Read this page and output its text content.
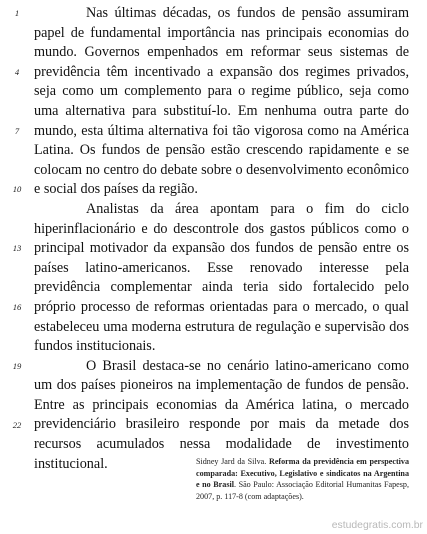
1
4
7
10
13
16
19
22

Nas últimas décadas, os fundos de pensão assumiram papel de fundamental importância nas principais economias do mundo. Governos empenhados em reformar seus sistemas de previdência têm incentivado a expansão dos regimes privados, seja como um complemento para o regime público, seja como uma alternativa para substituí-lo. Em nenhuma outra parte do mundo, esta última alternativa foi tão vigorosa como na América Latina. Os fundos de pensão estão crescendo rapidamente e se colocam no centro do debate sobre o desenvolvimento econômico e social dos países da região.

Analistas da área apontam para o fim do ciclo hiperinflacionário e do descontrole dos gastos públicos como o principal motivador da expansão dos fundos de pensão entre os países latino-americanos. Esse renovado interesse pela previdência complementar ainda teria sido fortalecido pelo próprio processo de reformas orientadas para o mercado, o qual estabeleceu uma moderna estrutura de regulação e supervisão dos fundos institucionais.

O Brasil destaca-se no cenário latino-americano como um dos países pioneiros na implementação de fundos de pensão. Entre as principais economias da América latina, o mercado previdenciário brasileiro responde por mais da metade dos recursos acumulados nessa modalidade de investimento institucional.	Sidney Jard da Silva. Reforma da previdência em perspectiva comparada: Executivo, Legislativo e sindicatos na Argentina e no Brasil. São Paulo: Associação Editorial Humanitas Fapesp, 2007, p. 117-8 (com adaptações).
estudegratis.com.br
